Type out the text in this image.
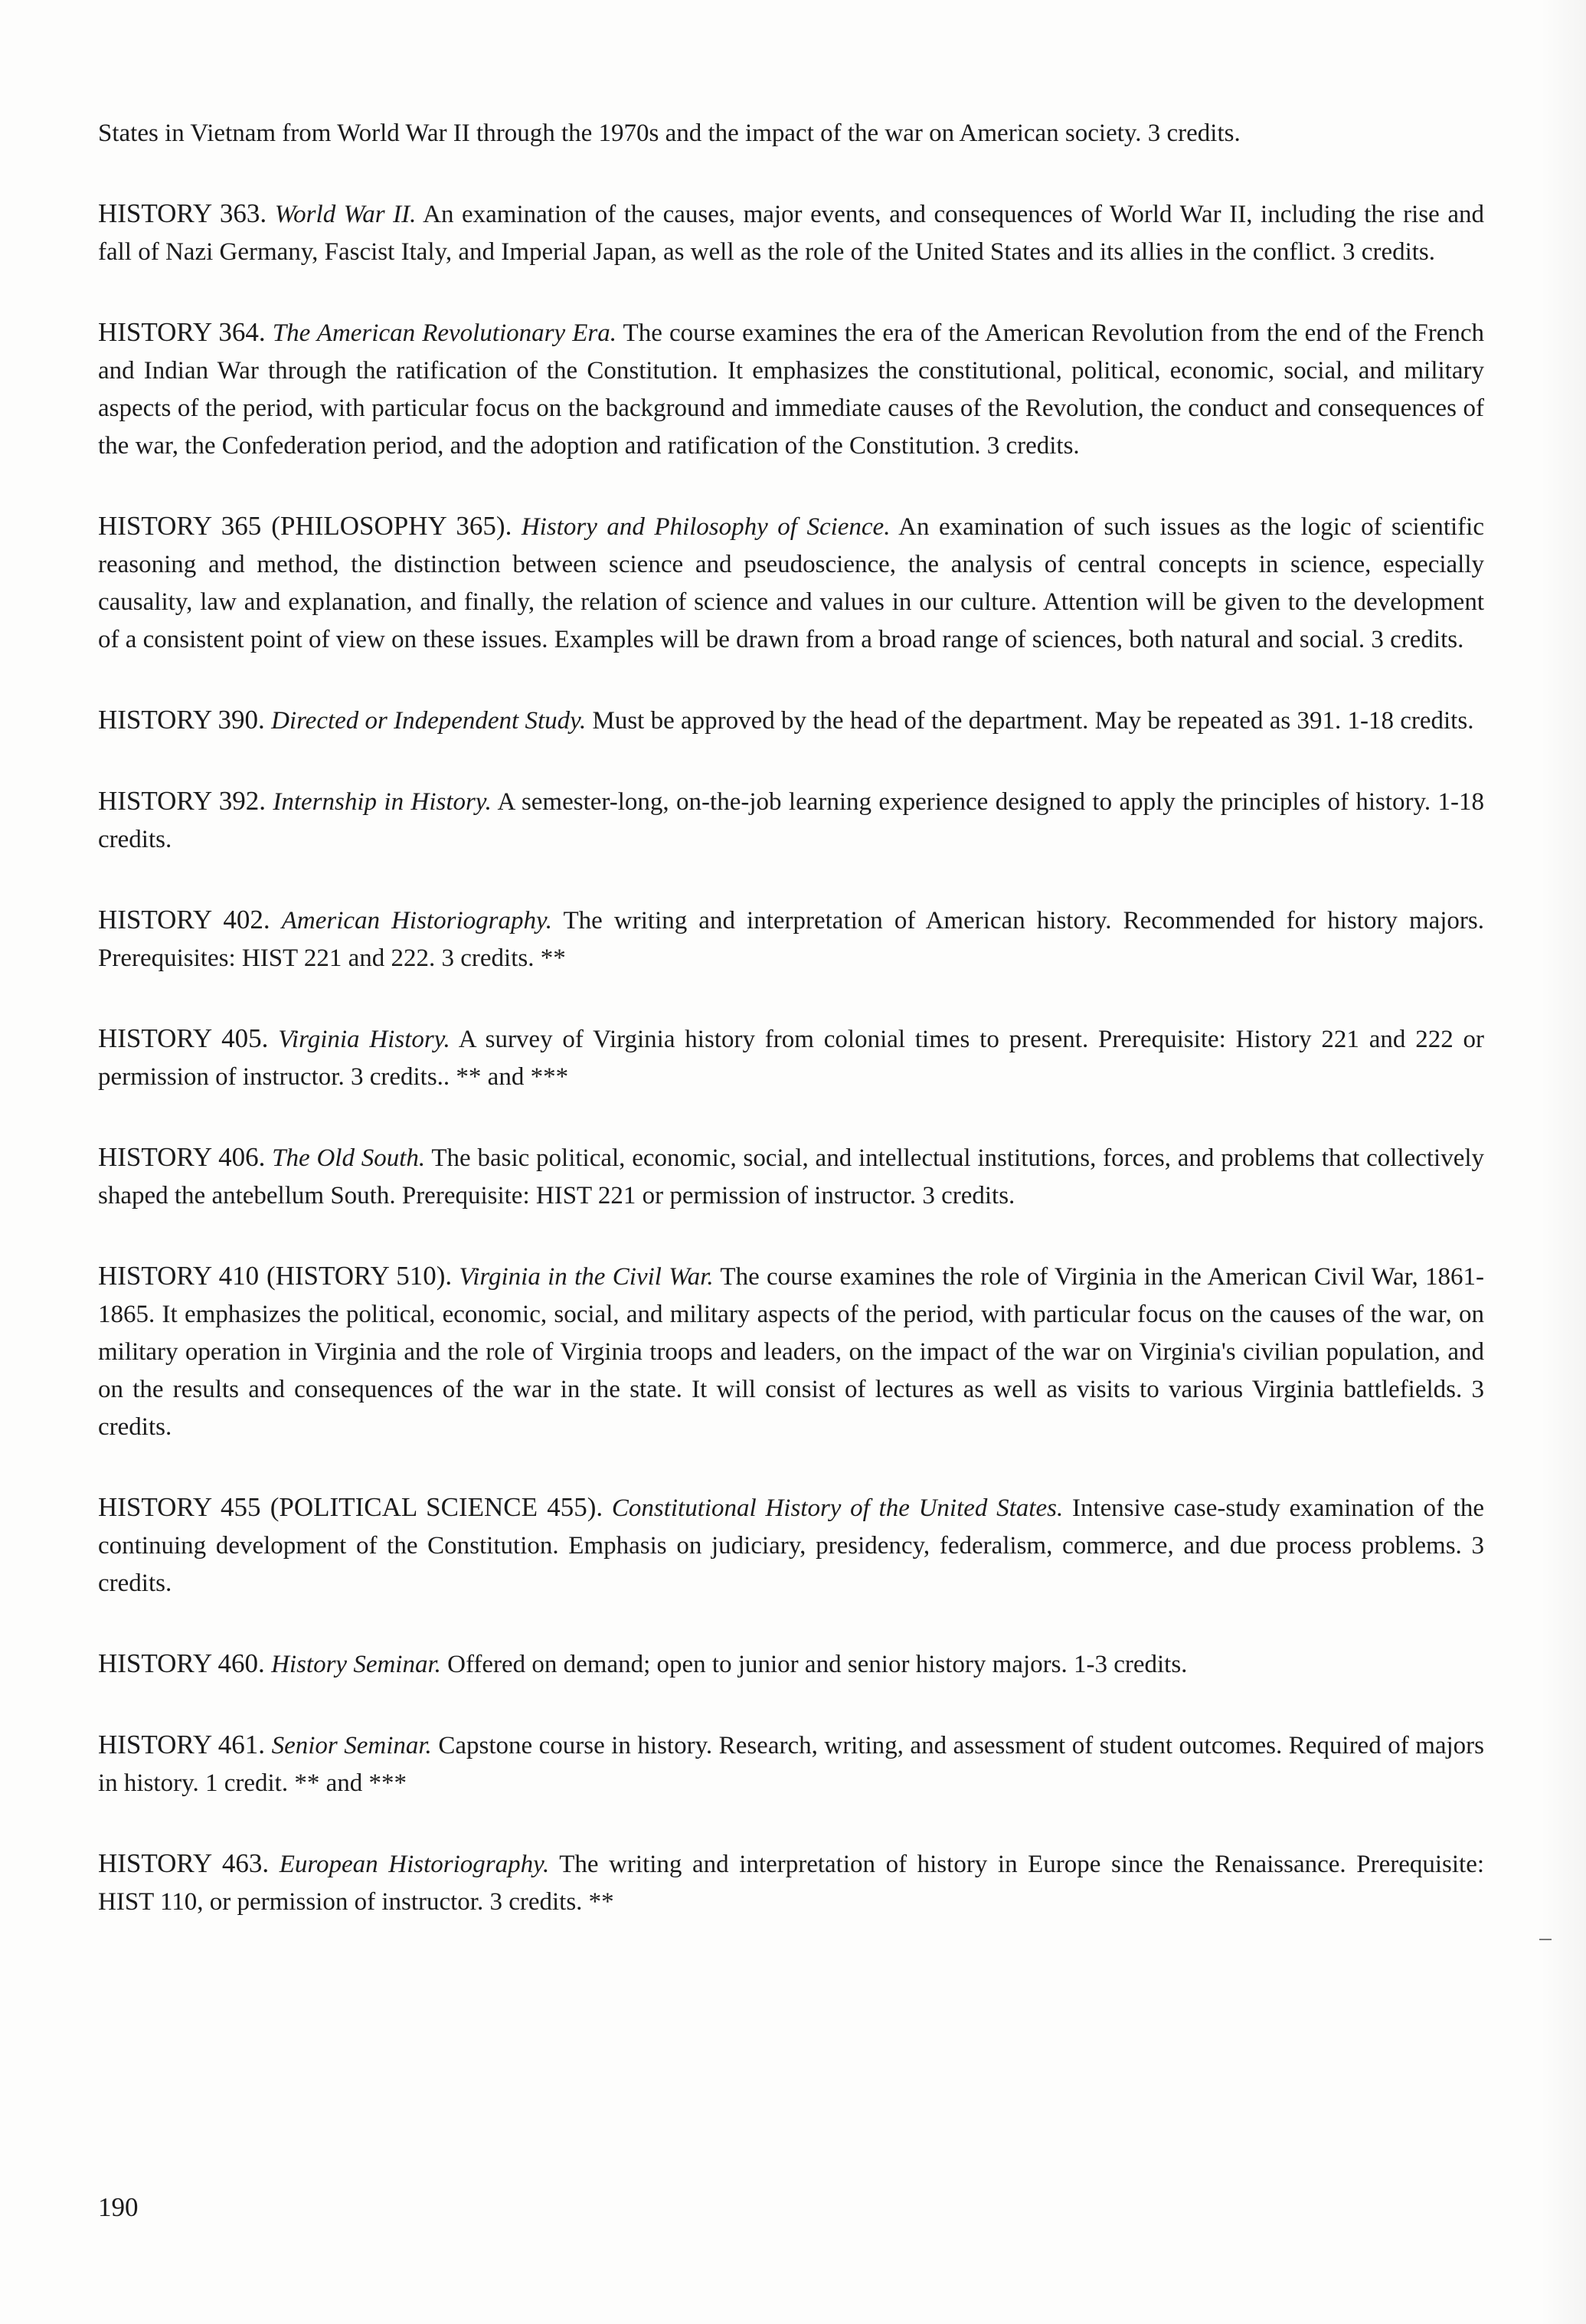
States in Vietnam from World War II through the 1970s and the impact of the war on American society. 3 credits.

HISTORY 363. World War II. An examination of the causes, major events, and consequences of World War II, including the rise and fall of Nazi Germany, Fascist Italy, and Imperial Japan, as well as the role of the United States and its allies in the conflict. 3 credits.

HISTORY 364. The American Revolutionary Era. The course examines the era of the American Revolution from the end of the French and Indian War through the ratification of the Constitution. It emphasizes the constitutional, political, economic, social, and military aspects of the period, with particular focus on the background and immediate causes of the Revolution, the conduct and consequences of the war, the Confederation period, and the adoption and ratification of the Constitution. 3 credits.

HISTORY 365 (PHILOSOPHY 365). History and Philosophy of Science. An examination of such issues as the logic of scientific reasoning and method, the distinction between science and pseudoscience, the analysis of central concepts in science, especially causality, law and explanation, and finally, the relation of science and values in our culture. Attention will be given to the development of a consistent point of view on these issues. Examples will be drawn from a broad range of sciences, both natural and social. 3 credits.

HISTORY 390. Directed or Independent Study. Must be approved by the head of the department. May be repeated as 391. 1-18 credits.

HISTORY 392. Internship in History. A semester-long, on-the-job learning experience designed to apply the principles of history. 1-18 credits.

HISTORY 402. American Historiography. The writing and interpretation of American history. Recommended for history majors. Prerequisites: HIST 221 and 222. 3 credits. **

HISTORY 405. Virginia History. A survey of Virginia history from colonial times to present. Prerequisite: History 221 and 222 or permission of instructor. 3 credits.. ** and ***

HISTORY 406. The Old South. The basic political, economic, social, and intellectual institutions, forces, and problems that collectively shaped the antebellum South. Prerequisite: HIST 221 or permission of instructor. 3 credits.

HISTORY 410 (HISTORY 510). Virginia in the Civil War. The course examines the role of Virginia in the American Civil War, 1861-1865. It emphasizes the political, economic, social, and military aspects of the period, with particular focus on the causes of the war, on military operation in Virginia and the role of Virginia troops and leaders, on the impact of the war on Virginia's civilian population, and on the results and consequences of the war in the state. It will consist of lectures as well as visits to various Virginia battlefields. 3 credits.

HISTORY 455 (POLITICAL SCIENCE 455). Constitutional History of the United States. Intensive case-study examination of the continuing development of the Constitution. Emphasis on judiciary, presidency, federalism, commerce, and due process problems. 3 credits.

HISTORY 460. History Seminar. Offered on demand; open to junior and senior history majors. 1-3 credits.

HISTORY 461. Senior Seminar. Capstone course in history. Research, writing, and assessment of student outcomes. Required of majors in history. 1 credit. ** and ***

HISTORY 463. European Historiography. The writing and interpretation of history in Europe since the Renaissance. Prerequisite: HIST 110, or permission of instructor. 3 credits. **

190
